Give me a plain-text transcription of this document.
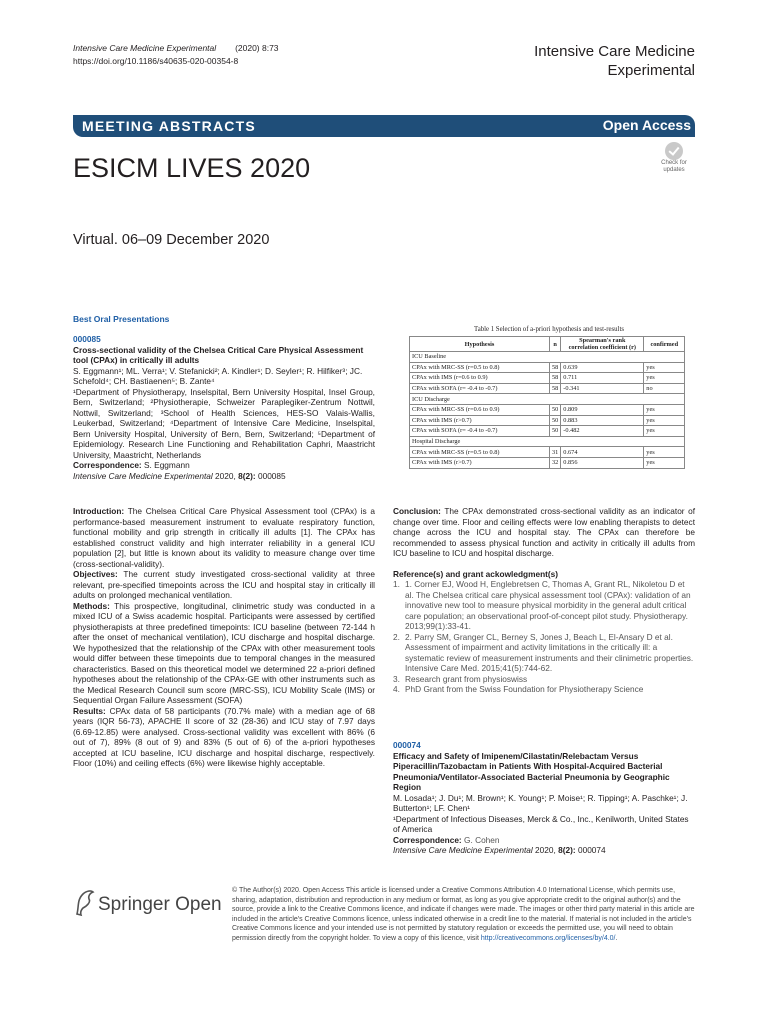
Intensive Care Medicine Experimental (2020) 8:73
https://doi.org/10.1186/s40635-020-00354-8
Intensive Care Medicine
Experimental
MEETING ABSTRACTS	Open Access
ESICM LIVES 2020	Check for
updates
Virtual. 06–09 December 2020
Best Oral Presentations
000085
Cross-sectional validity of the Chelsea Critical Care Physical Assessment tool (CPAx) in critically ill adults
S. Eggmann¹; ML. Verra¹; V. Stefanicki²; A. Kindler¹; D. Seyler¹; R. Hilfiker³; JC. Schefold⁴; CH. Bastiaenen⁵; B. Zante⁴
¹Department of Physiotherapy, Inselspital, Bern University Hospital, Insel Group, Bern, Switzerland; ²Physiotherapie, Schweizer Paraplegiker-Zentrum Nottwil, Nottwil, Switzerland; ³School of Health Sciences, HES-SO Valais-Wallis, Leukerbad, Switzerland; ⁴Department of Intensive Care Medicine, Inselspital, Bern University Hospital, University of Bern, Bern, Switzerland; ⁵Department of Epidemiology. Research Line Functioning and Rehabilitation Caphri, Maastricht University, Maastricht, Netherlands
Correspondence: S. Eggmann
Intensive Care Medicine Experimental 2020, 8(2): 000085

Introduction: The Chelsea Critical Care Physical Assessment tool (CPAx) is a performance-based measurement instrument to evaluate respiratory function, functional mobility and grip strength in critically ill adults [1]. The CPAx has established construct validity and high interrater reliability in a general ICU population [2], but little is known about its validity to measure change over time (cross-sectional-validity).

Objectives: The current study investigated cross-sectional validity at three relevant, pre-specified timepoints across the ICU and hospital stay in critically ill adults on prolonged mechanical ventilation.

Methods: This prospective, longitudinal, clinimetric study was conducted in a mixed ICU of a Swiss academic hospital. Participants were assessed by certified physiotherapists at three predefined timepoints: ICU baseline (between 72-144 h after the onset of mechanical ventilation), ICU discharge and hospital discharge. We hypothesized that the relationship of the CPAx with other measurement tools would differ between these timepoints due to temporal changes in the measured characteristics. Based on this theoretical model we determined 22 a-priori defined hypotheses about the relationship of the CPAx-GE with other instruments such as the Medical Research Council sum score (MRC-SS), ICU Mobility Scale (IMS) or Sequential Organ Failure Assessment (SOFA)

Results: CPAx data of 58 participants (70.7% male) with a median age of 68 years (IQR 56-73), APACHE II score of 32 (28-36) and ICU stay of 7.97 days (6.69-12.85) were analysed. Cross-sectional validity was excellent with 86% (6 out of 7), 89% (8 out of 9) and 83% (5 out of 6) of the a-priori hypotheses accepted at ICU baseline, ICU discharge and hospital discharge, respectively. Floor (10%) and ceiling effects (6%) were likewise highly acceptable.

Table 1 Selection of a-priori hypothesis and test-results
Hypothesis	n	Spearman's rank
correlation coefficient (r)	confirmed
ICU Baseline			
CPAx with MRC-SS (r=0.5 to 0.8)	58	0.639	yes
CPAx with IMS (r=0.6 to 0.9)	58	0.711	yes
CPAx with SOFA (r= -0.4 to -0.7)	58	-0.341	no
ICU Discharge			
CPAx with MRC-SS (r=0.6 to 0.9)	50	0.809	yes
CPAx with IMS (r>0.7)	50	0.883	yes
CPAx with SOFA (r= -0.4 to -0.7)	50	-0.482	yes
Hospital Discharge			
CPAx with MRC-SS (r=0.5 to 0.8)	31	0.674	yes
CPAx with IMS (r>0.7)	32	0.856	yes

Conclusion: The CPAx demonstrated cross-sectional validity as an indicator of change over time. Floor and ceiling effects were low enabling therapists to detect change across the ICU and hospital stay. The CPAx can therefore be recommended to assess physical function and activity in critically ill adults from ICU baseline to ICU and hospital discharge.

Reference(s) and grant ackowledgment(s)
1. 1. Corner EJ, Wood H, Englebretsen C, Thomas A, Grant RL, Nikoletou D et al. The Chelsea critical care physical assessment tool (CPAx): validation of an innovative new tool to measure physical morbidity in the general adult critical care population; an observational proof-of-concept pilot study. Physiotherapy. 2013;99(1):33-41.
2. 2. Parry SM, Granger CL, Berney S, Jones J, Beach L, El-Ansary D et al. Assessment of impairment and activity limitations in the critically ill: a systematic review of measurement instruments and their clinimetric properties. Intensive Care Med. 2015;41(5):744-62.
3. Research grant from physioswiss
4. PhD Grant from the Swiss Foundation for Physiotherapy Science
000074
Efficacy and Safety of Imipenem/Cilastatin/Relebactam Versus Piperacillin/Tazobactam in Patients With Hospital-Acquired Bacterial Pneumonia/Ventilator-Associated Bacterial Pneumonia by Geographic Region
M. Losada¹; J. Du¹; M. Brown¹; K. Young¹; P. Moise¹; R. Tipping¹; A. Paschke¹; J. Butterton¹; LF. Chen¹
¹Department of Infectious Diseases, Merck & Co., Inc., Kenilworth, United States of America
Correspondence: G. Cohen
Intensive Care Medicine Experimental 2020, 8(2): 000074
Springer Open
© The Author(s) 2020. Open Access This article is licensed under a Creative Commons Attribution 4.0 International License, which permits use, sharing, adaptation, distribution and reproduction in any medium or format, as long as you give appropriate credit to the original author(s) and the source, provide a link to the Creative Commons licence, and indicate if changes were made. The images or other third party material in this article are included in the article's Creative Commons licence, unless indicated otherwise in a credit line to the material. If material is not included in the article's Creative Commons licence and your intended use is not permitted by statutory regulation or exceeds the permitted use, you will need to obtain permission directly from the copyright holder. To view a copy of this licence, visit http://creativecommons.org/licenses/by/4.0/.
